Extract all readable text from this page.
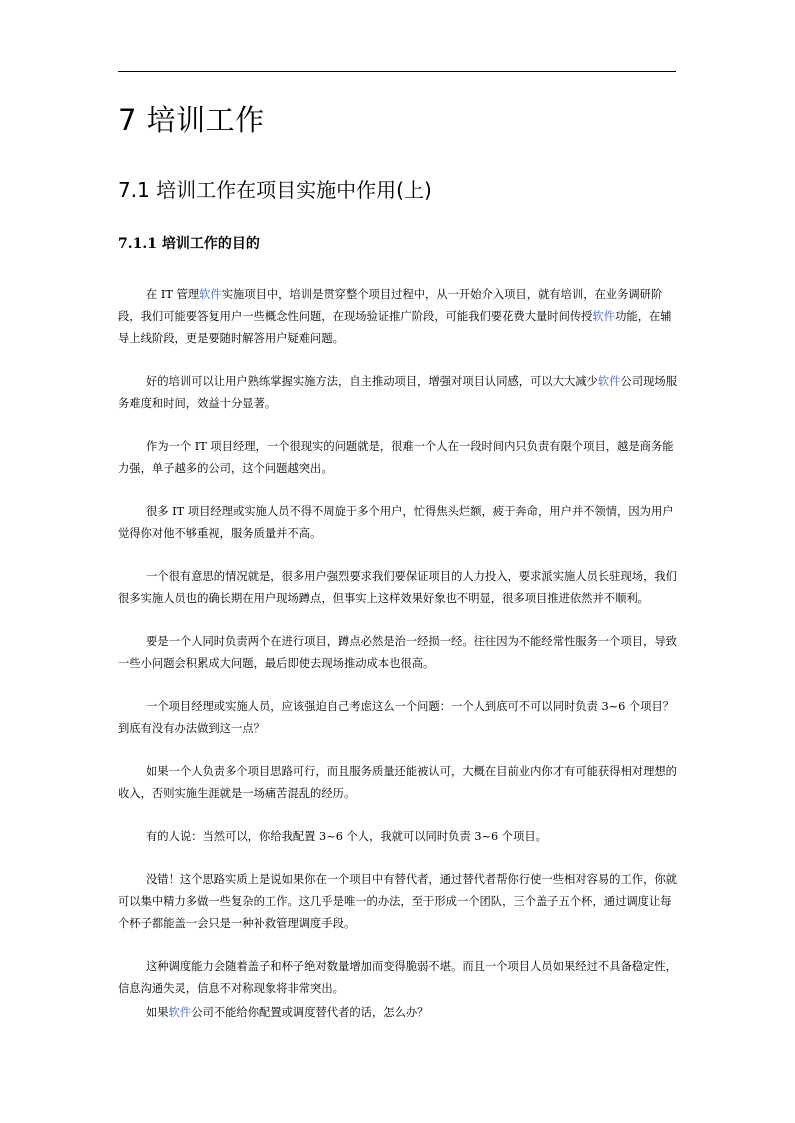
7 培训工作
7.1 培训工作在项目实施中作用(上)
7.1.1 培训工作的目的

在 IT 管理软件实施项目中，培训是贯穿整个项目过程中，从一开始介入项目，就有培训，在业务调研阶段，我们可能要答复用户一些概念性问题，在现场验证推广阶段，可能我们要花费大量时间传授软件功能，在辅导上线阶段，更是要随时解答用户疑难问题。

好的培训可以让用户熟练掌握实施方法，自主推动项目，增强对项目认同感，可以大大减少软件公司现场服务难度和时间，效益十分显著。

作为一个 IT 项目经理，一个很现实的问题就是，很难一个人在一段时间内只负责有限个项目，越是商务能力强，单子越多的公司，这个问题越突出。

很多 IT 项目经理或实施人员不得不周旋于多个用户，忙得焦头烂额，疲于奔命，用户并不领情，因为用户觉得你对他不够重视，服务质量并不高。

一个很有意思的情况就是，很多用户强烈要求我们要保证项目的人力投入，要求派实施人员长驻现场，我们很多实施人员也的确长期在用户现场蹲点，但事实上这样效果好象也不明显，很多项目推进依然并不顺利。

要是一个人同时负责两个在进行项目，蹲点必然是治一经损一经。往往因为不能经常性服务一个项目，导致一些小问题会积累成大问题，最后即使去现场推动成本也很高。

一个项目经理或实施人员，应该强迫自己考虑这么一个问题：一个人到底可不可以同时负责 3~6 个项目？到底有没有办法做到这一点？

如果一个人负责多个项目思路可行，而且服务质量还能被认可，大概在目前业内你才有可能获得相对理想的收入，否则实施生涯就是一场痛苦混乱的经历。

有的人说：当然可以，你给我配置 3~6 个人，我就可以同时负责 3~6 个项目。

没错！这个思路实质上是说如果你在一个项目中有替代者，通过替代者帮你行使一些相对容易的工作，你就可以集中精力多做一些复杂的工作。这几乎是唯一的办法，至于形成一个团队，三个盖子五个杯，通过调度让每个杯子都能盖一会只是一种补救管理调度手段。

这种调度能力会随着盖子和杯子绝对数量增加而变得脆弱不堪。而且一个项目人员如果经过不具备稳定性，信息沟通失灵，信息不对称现象将非常突出。

如果软件公司不能给你配置或调度替代者的话，怎么办？
